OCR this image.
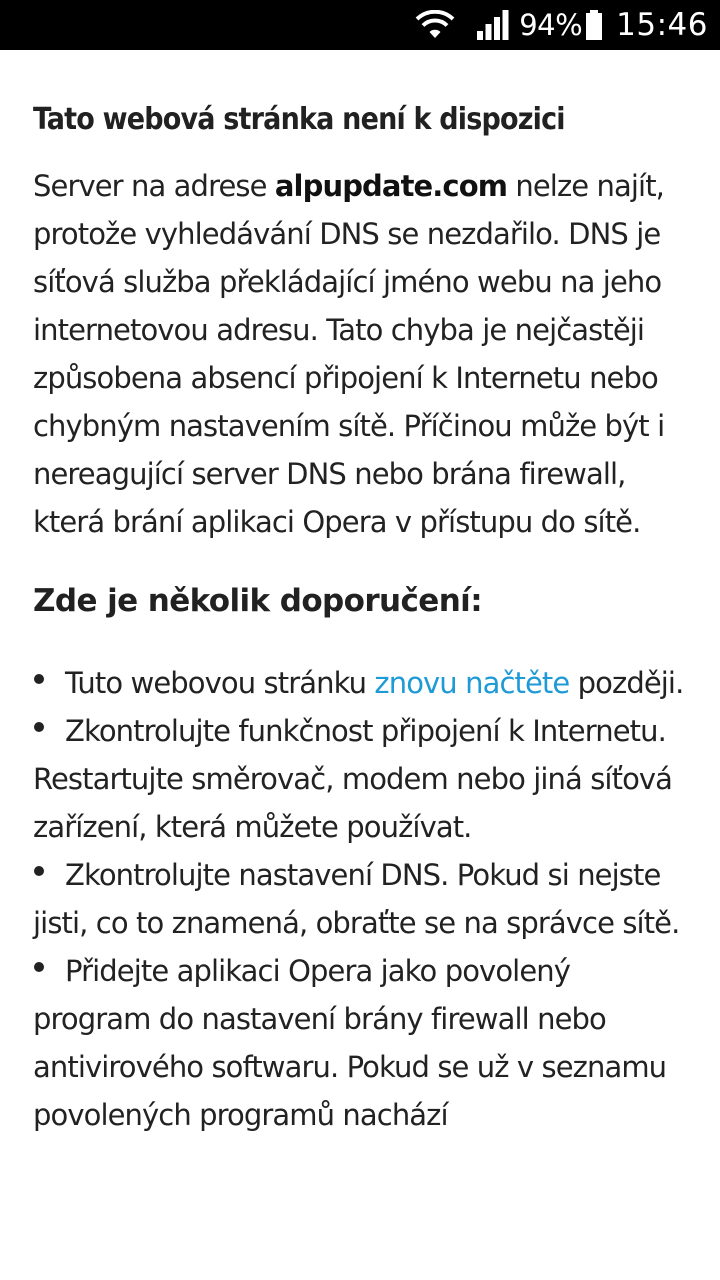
94% 15:46
Tato webová stránka není k dispozici

Server na adrese alpupdate.com nelze najít, protože vyhledávání DNS se nezdařilo. DNS je síťová služba překládající jméno webu na jeho internetovou adresu. Tato chyba je nejčastěji způsobena absencí připojení k Internetu nebo chybným nastavením sítě. Příčinou může být i nereagující server DNS nebo brána firewall, která brání aplikaci Opera v přístupu do sítě.

Zde je několik doporučení:
Tuto webovou stránku znovu načtěte později.
Zkontrolujte funkčnost připojení k Internetu. Restartujte směrovač, modem nebo jiná síťová zařízení, která můžete používat.
Zkontrolujte nastavení DNS. Pokud si nejste jisti, co to znamená, obraťte se na správce sítě.
Přidejte aplikaci Opera jako povolený program do nastavení brány firewall nebo antivirového softwaru. Pokud se už v seznamu povolených programů nachází
